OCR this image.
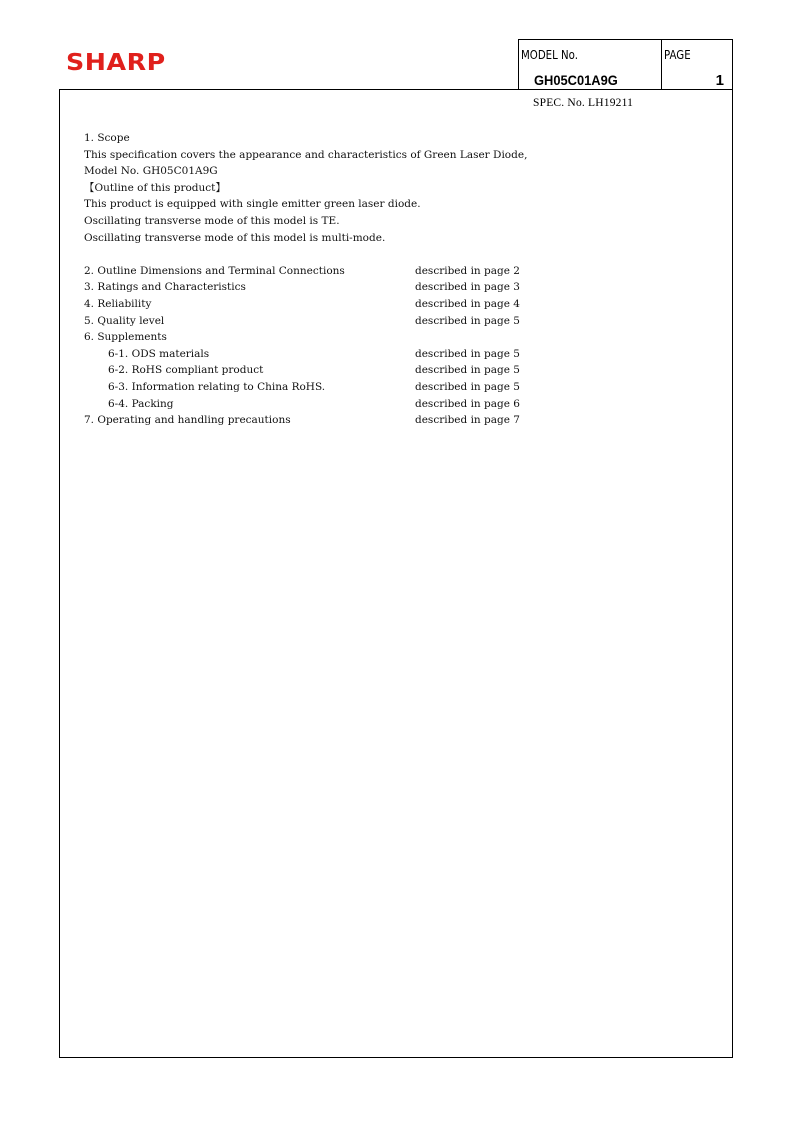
SHARP	MODEL No.
GH05C01A9G
PAGE
1
SPEC. No. LH19211
1. Scope
This specification covers the appearance and characteristics of Green Laser Diode,
Model No. GH05C01A9G
【Outline of this product】
This product is equipped with single emitter green laser diode.
Oscillating transverse mode of this model is TE.
Oscillating transverse mode of this model is multi-mode.
2. Outline Dimensions and Terminal Connections	described in page 2
3. Ratings and Characteristics	described in page 3
4. Reliability	described in page 4
5. Quality level	described in page 5
6. Supplements
6-1. ODS materials	described in page 5
6-2. RoHS compliant product	described in page 5
6-3. Information relating to China RoHS.	described in page 5
6-4. Packing	described in page 6
7. Operating and handling precautions	described in page 7
